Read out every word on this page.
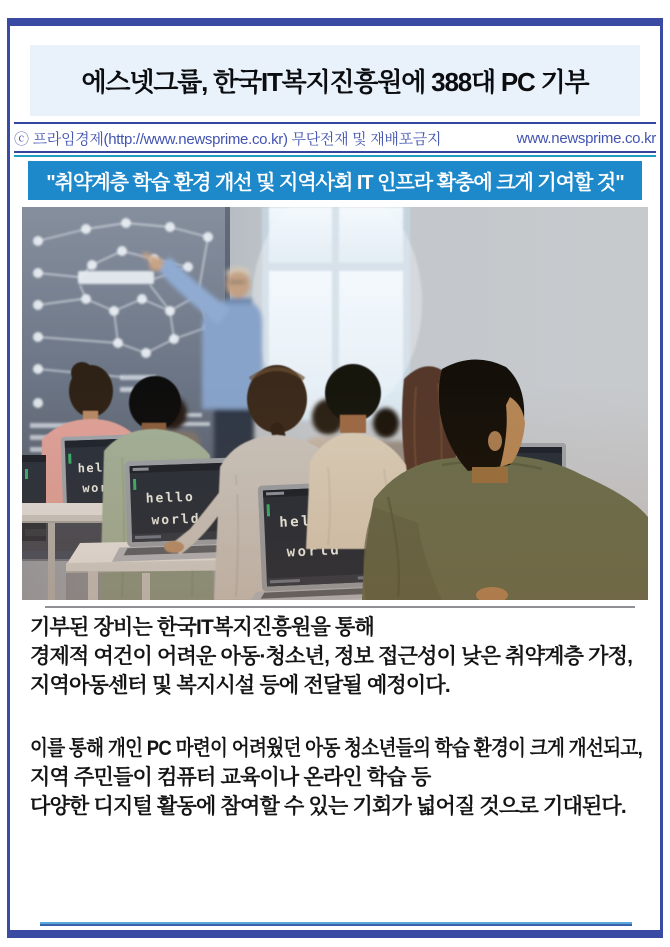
에스넷그룹, 한국IT복지진흥원에 388대 PC 기부
ⓒ 프라임경제(http://www.newsprime.co.kr) 무단전재 및 재배포금지	www.newsprime.co.kr
"취약계층 학습 환경 개선 및 지역사회 IT 인프라 확충에 크게 기여할 것"
기부된 장비는 한국IT복지진흥원을 통해
경제적 여건이 어려운 아동·청소년, 정보 접근성이 낮은 취약계층 가정,
지역아동센터 및 복지시설 등에 전달될 예정이다.
이를 통해 개인 PC 마련이 어려웠던 아동 청소년들의 학습 환경이 크게 개선되고,
지역 주민들이 컴퓨터 교육이나 온라인 학습 등
다양한 디지털 활동에 참여할 수 있는 기회가 넓어질 것으로 기대된다.
